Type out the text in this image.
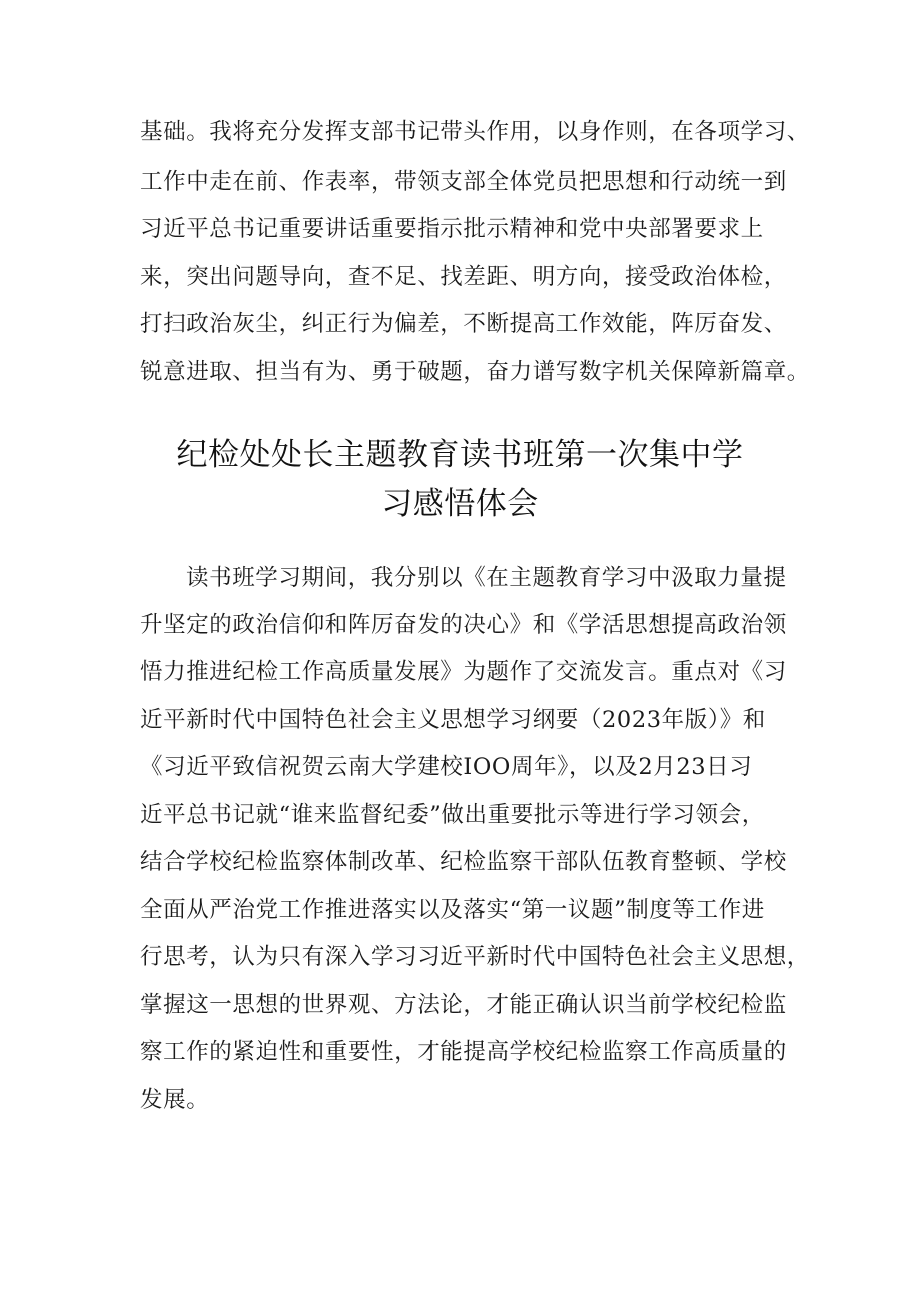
基础。我将充分发挥支部书记带头作用，以身作则，在各项学习、
工作中走在前、作表率，带领支部全体党员把思想和行动统一到
习近平总书记重要讲话重要指示批示精神和党中央部署要求上
来，突出问题导向，查不足、找差距、明方向，接受政治体检，
打扫政治灰尘，纠正行为偏差，不断提高工作效能，阵厉奋发、
锐意进取、担当有为、勇于破题，奋力谱写数字机关保障新篇章。
纪检处处长主题教育读书班第一次集中学
习感悟体会
读书班学习期间，我分别以《在主题教育学习中汲取力量提
升坚定的政治信仰和阵厉奋发的决心》和《学活思想提高政治领
悟力推进纪检工作高质量发展》为题作了交流发言。重点对《习
近平新时代中国特色社会主义思想学习纲要（2023年版）》和
《习近平致信祝贺云南大学建校IOO周年》，以及2月23日习
近平总书记就“谁来监督纪委”做出重要批示等进行学习领会，
结合学校纪检监察体制改革、纪检监察干部队伍教育整顿、学校
全面从严治党工作推进落实以及落实“第一议题”制度等工作进
行思考，认为只有深入学习习近平新时代中国特色社会主义思想，
掌握这一思想的世界观、方法论，才能正确认识当前学校纪检监
察工作的紧迫性和重要性，才能提高学校纪检监察工作高质量的
发展。
